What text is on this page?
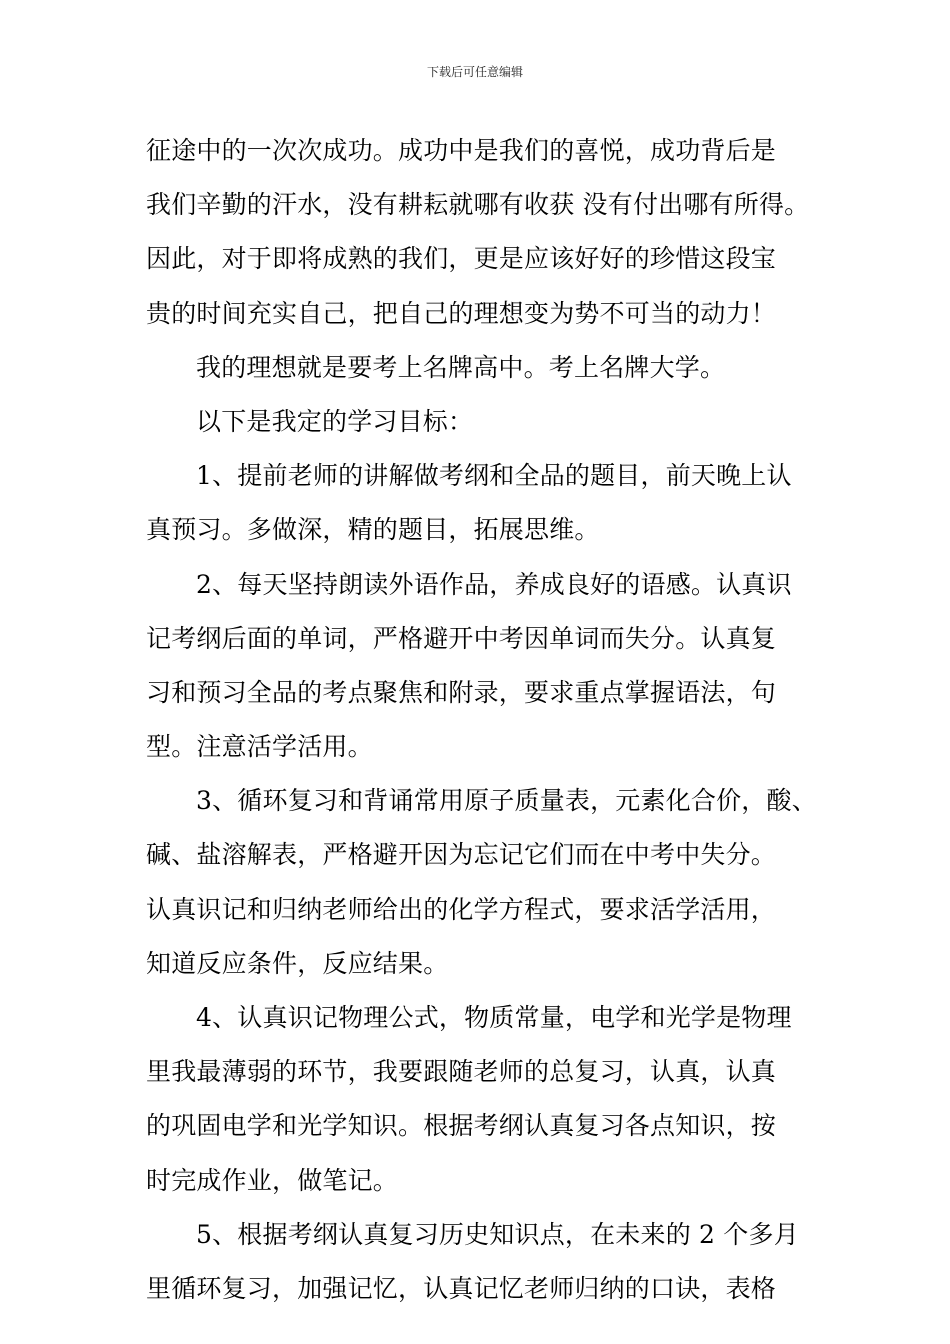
下载后可任意编辑
征途中的一次次成功。成功中是我们的喜悦，成功背后是
我们辛勤的汗水，没有耕耘就哪有收获 没有付出哪有所得。
因此，对于即将成熟的我们，更是应该好好的珍惜这段宝
贵的时间充实自己，把自己的理想变为势不可当的动力！
我的理想就是要考上名牌高中。考上名牌大学。
以下是我定的学习目标：
1、提前老师的讲解做考纲和全品的题目，前天晚上认
真预习。多做深，精的题目，拓展思维。
2、每天坚持朗读外语作品，养成良好的语感。认真识
记考纲后面的单词，严格避开中考因单词而失分。认真复
习和预习全品的考点聚焦和附录，要求重点掌握语法，句
型。注意活学活用。
3、循环复习和背诵常用原子质量表，元素化合价，酸、
碱、盐溶解表，严格避开因为忘记它们而在中考中失分。
认真识记和归纳老师给出的化学方程式，要求活学活用，
知道反应条件，反应结果。
4、认真识记物理公式，物质常量，电学和光学是物理
里我最薄弱的环节，我要跟随老师的总复习，认真，认真
的巩固电学和光学知识。根据考纲认真复习各点知识，按
时完成作业，做笔记。
5、根据考纲认真复习历史知识点，在未来的 2 个多月
里循环复习，加强记忆，认真记忆老师归纳的口诀，表格
